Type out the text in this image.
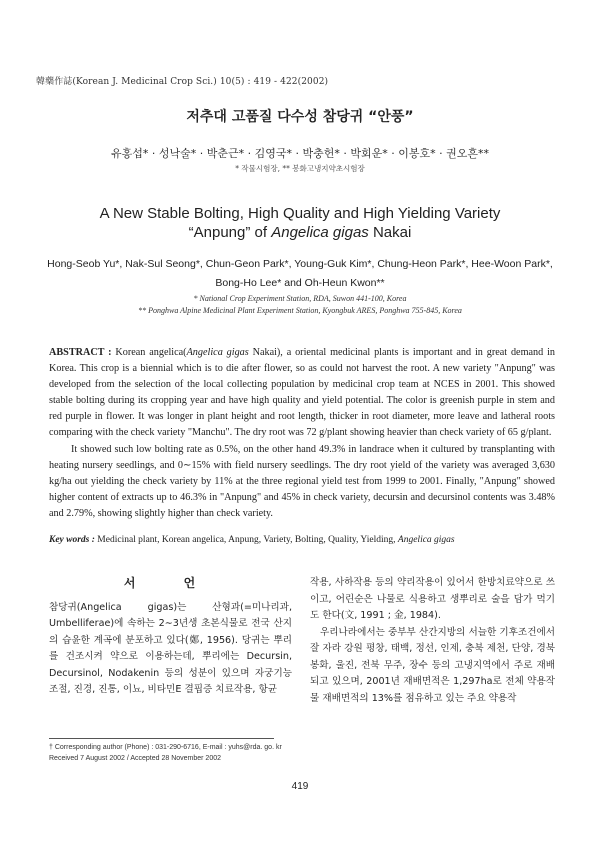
韓藥作誌(Korean J. Medicinal Crop Sci.) 10(5) : 419 - 422(2002)
저추대 고품질 다수성 참당귀 “안풍”
유홍섭* · 성낙술* · 박춘근* · 김영국* · 박충헌* · 박회운* · 이봉호* · 권오흔**
* 작물시험장, ** 봉화고냉지약초시험장
A New Stable Bolting, High Quality and High Yielding Variety
“Anpung” of Angelica gigas Nakai
Hong-Seob Yu*, Nak-Sul Seong*, Chun-Geon Park*, Young-Guk Kim*, Chung-Heon Park*, Hee-Woon Park*,
Bong-Ho Lee* and Oh-Heun Kwon**
* National Crop Experiment Station, RDA, Suwon 441-100, Korea
** Ponghwa Alpine Medicinal Plant Experiment Station, Kyongbuk ARES, Ponghwa 755-845, Korea

ABSTRACT : Korean angelica(Angelica gigas Nakai), a oriental medicinal plants is important and in great demand in Korea. This crop is a biennial which is to die after flower, so as could not harvest the root. A new variety "Anpung" was developed from the selection of the local collecting population by medicinal crop team at NCES in 2001. This showed stable bolting during its cropping year and have high quality and yield potential. The color is greenish purple in stem and red purple in flower. It was longer in plant height and root length, thicker in root diameter, more leave and latheral roots comparing with the check variety "Manchu". The dry root was 72 g/plant showing heavier than check variety of 65 g/plant.

It showed such low bolting rate as 0.5%, on the other hand 49.3% in landrace when it cultured by transplanting with heating nursery seedlings, and 0∼15% with field nursery seedlings. The dry root yield of the variety was averaged 3,630 kg/ha out yielding the check variety by 11% at the three regional yield test from 1999 to 2001. Finally, "Anpung" showed higher content of extracts up to 46.3% in "Anpung" and 45% in check variety, decursin and decursinol contents was 3.48% and 2.79%, showing slightly higher than check variety.

Key words : Medicinal plant, Korean angelica, Anpung, Variety, Bolting, Quality, Yielding, Angelica gigas

서 언

참당귀(Angelica gigas)는 산형과(=미나리과, Umbelliferae)에 속하는 2∼3년생 초본식물로 전국 산지의 습윤한 계곡에 분포하고 있다(鄭, 1956). 당귀는 뿌리를 건조시켜 약으로 이용하는데, 뿌리에는 Decursin, Decursinol, Nodakenin 등의 성분이 있으며 자궁기능 조절, 진경, 진통, 이뇨, 비타민E 결핍증 치료작용, 항균

작용, 사하작용 등의 약리작용이 있어서 한방치료약으로 쓰이고, 어린순은 나물로 식용하고 생뿌리로 술을 담가 먹기도 한다(文, 1991 ; 金, 1984).

우리나라에서는 중부부 산간지방의 서늘한 기후조건에서 잘 자라 강원 평창, 태백, 정선, 인제, 충북 제천, 단양, 경북 봉화, 울진, 전북 무주, 장수 등의 고냉지역에서 주로 재배되고 있으며, 2001년 재배면적은 1,297ha로 전체 약용작물 재배면적의 13%를 점유하고 있는 주요 약용작

† Corresponding author (Phone) : 031-290-6716, E-mail : yuhs@rda. go. kr
Received 7 August 2002 / Accepted 28 November 2002
419
